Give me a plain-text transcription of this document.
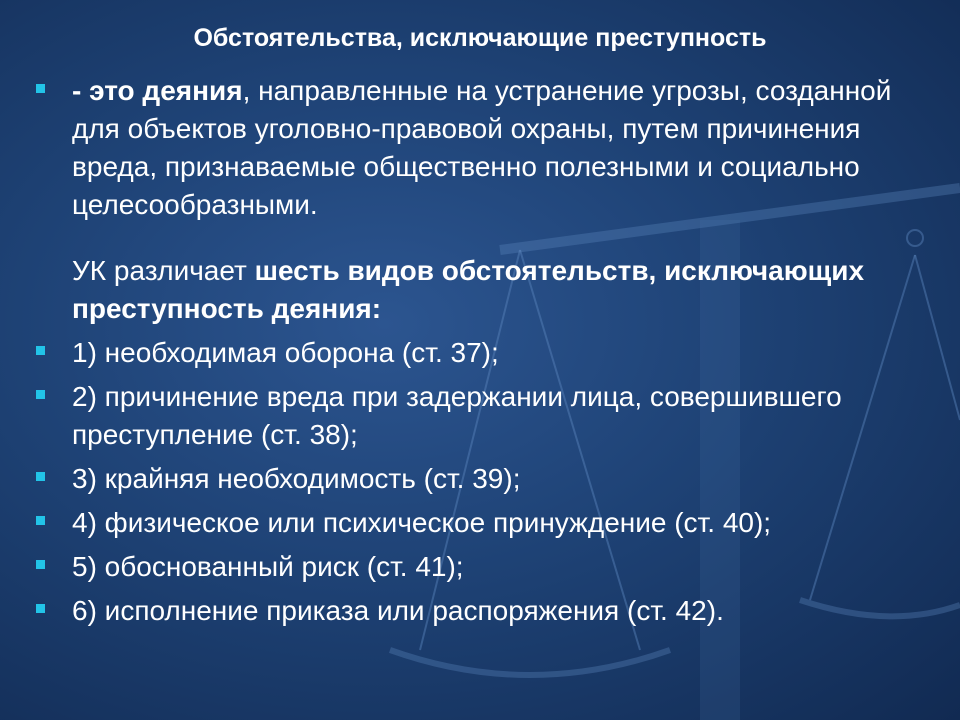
Обстоятельства, исключающие преступность
- это деяния, направленные на устранение угрозы, созданной для объектов уголовно-правовой охраны, путем причинения вреда, признаваемые общественно полезными и социально целесообразными.
УК различает шесть видов обстоятельств, исключающих преступность деяния:
1) необходимая оборона (ст. 37);
2) причинение вреда при задержании лица, совершившего преступление (ст. 38);
3) крайняя необходимость (ст. 39);
4) физическое или психическое принуждение (ст. 40);
5) обоснованный риск (ст. 41);
6) исполнение приказа или распоряжения (ст. 42).
